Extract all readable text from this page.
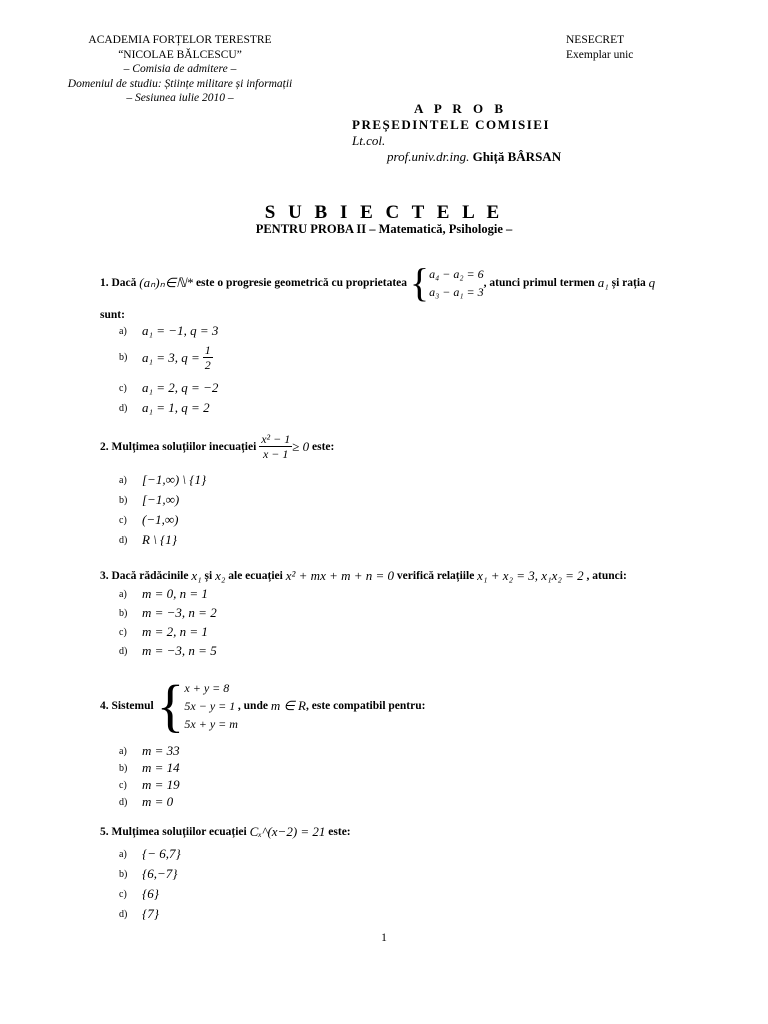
ACADEMIA FORȚELOR TERESTRE
“NICOLAE BĂLCESCU”
– Comisia de admitere –
Domeniul de studiu: Științe militare și informații
– Sesiunea iulie 2010 –
NESECRET
Exemplar unic
A P R O B
PREȘEDINTELE COMISIEI
Lt.col.
prof.univ.dr.ing. Ghiță BÂRSAN
S U B I E C T E L E
PENTRU PROBA II – Matematică, Psihologie –
1. Dacă
(aₙ)ₙ∈ℕ*
este o progresie geometrică cu proprietatea
{ a₄ − a₂ = 6
a₃ − a₁ = 3
, atunci primul termen
a₁
și rația
q
sunt:
a)	a₁ = −1, q = 3
b)	a₁ = 3, q =
$\frac{1}{2}$
c)	a₁ = 2, q = −2
d)	a₁ = 1, q = 2
2. Mulțimea soluțiilor inecuației
$\frac{\text{x² − 1}}{x - 1} \ge 0$
este:
a)	[−1,∞) \ {1}
b)	[−1,∞)
c)	(−1,∞)
d)	R \ {1}
3. Dacă rădăcinile
x₁
și
x₂
ale ecuației
x² + mx + m + n = 0
verifică relațiile
x₁ + x₂ = 3, x₁x₂ = 2
, atunci:
a)	m = 0, n = 1
b)	m = −3, n = 2
c)	m = 2, n = 1
d)	m = −3, n = 5
4. Sistemul
{ x + y = 8
5x − y = 1
5x + y = m
, unde
m ∈ R , este compatibil pentru:
a)	m = 33
b)	m = 14
c)	m = 19
d)	m = 0
5. Mulțimea soluțiilor ecuației
Cₓ^(x−2) = 21
este:
a)	{− 6,7}
b)	{6,−7}
c)	{6}
d)	{7}
1
